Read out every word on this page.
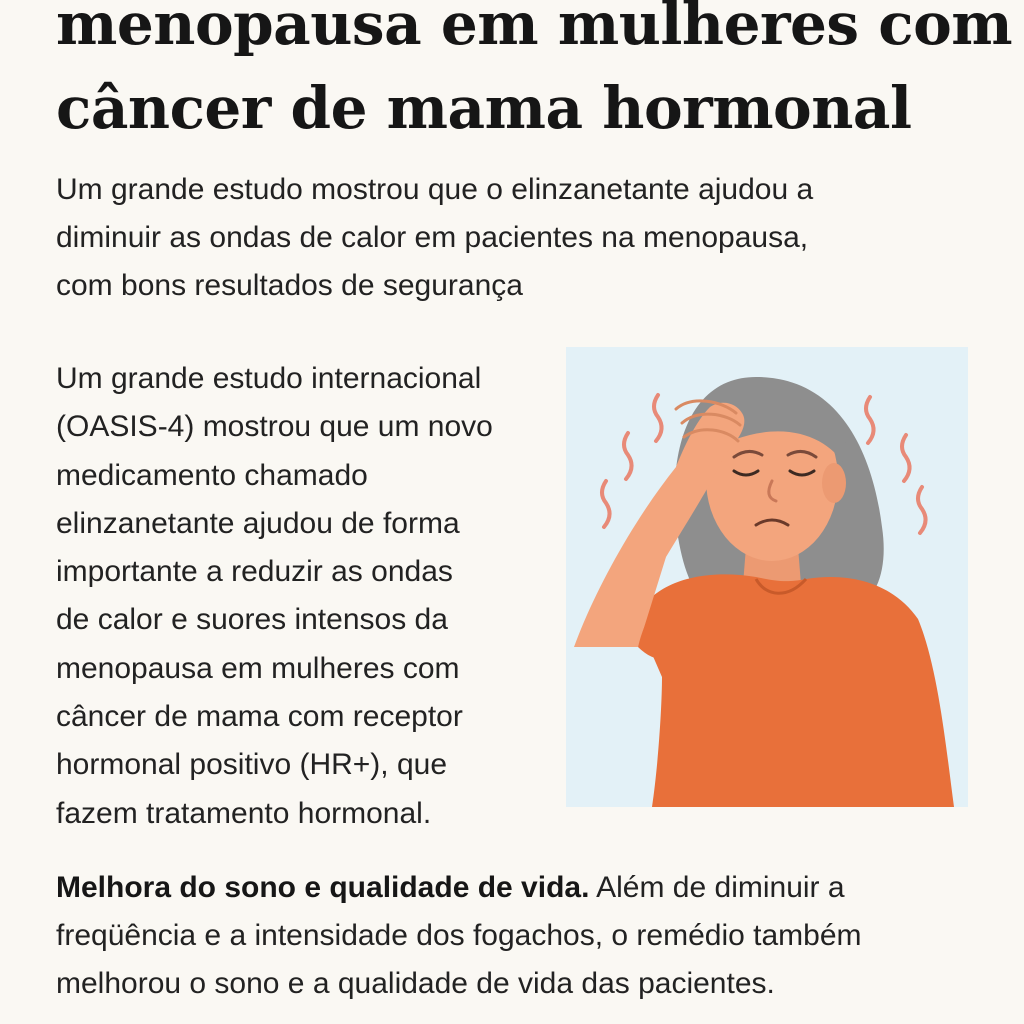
menopausa em mulheres com
câncer de mama hormonal

Um grande estudo mostrou que o elinzanetante ajudou a
diminuir as ondas de calor em pacientes na menopausa,
com bons resultados de segurança

Um grande estudo internacional
(OASIS-4) mostrou que um novo
medicamento chamado
elinzanetante ajudou de forma
importante a reduzir as ondas
de calor e suores intensos da
menopausa em mulheres com
câncer de mama com receptor
hormonal positivo (HR+), que
fazem tratamento hormonal.

Melhora do sono e qualidade de vida. Além de diminuir a
freqüência e a intensidade dos fogachos, o remédio também
melhorou o sono e a qualidade de vida das pacientes.
